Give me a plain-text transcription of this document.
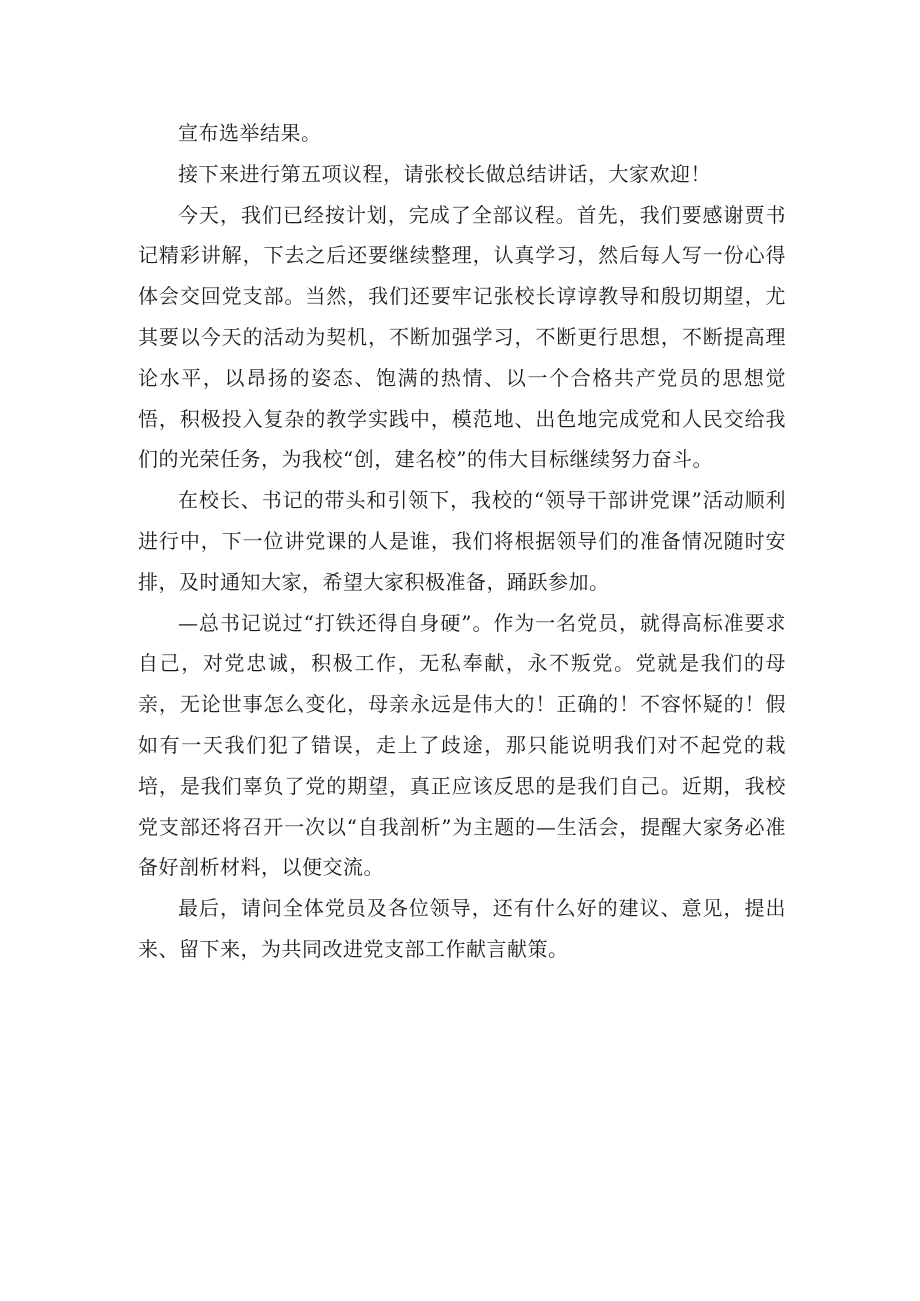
宣布选举结果。

接下来进行第五项议程，请张校长做总结讲话，大家欢迎！

今天，我们已经按计划，完成了全部议程。首先，我们要感谢贾书记精彩讲解，下去之后还要继续整理，认真学习，然后每人写一份心得体会交回党支部。当然，我们还要牢记张校长谆谆教导和殷切期望，尤其要以今天的活动为契机，不断加强学习，不断更行思想，不断提高理论水平，以昂扬的姿态、饱满的热情、以一个合格共产党员的思想觉悟，积极投入复杂的教学实践中，模范地、出色地完成党和人民交给我们的光荣任务，为我校“创，建名校”的伟大目标继续努力奋斗。

在校长、书记的带头和引领下，我校的“领导干部讲党课”活动顺利进行中，下一位讲党课的人是谁，我们将根据领导们的准备情况随时安排，及时通知大家，希望大家积极准备，踊跃参加。

—总书记说过“打铁还得自身硬”。作为一名党员，就得高标准要求自己，对党忠诚，积极工作，无私奉献，永不叛党。党就是我们的母亲，无论世事怎么变化，母亲永远是伟大的！正确的！不容怀疑的！假如有一天我们犯了错误，走上了歧途，那只能说明我们对不起党的栽培，是我们辜负了党的期望，真正应该反思的是我们自己。近期，我校党支部还将召开一次以“自我剖析”为主题的—生活会，提醒大家务必准备好剖析材料，以便交流。

最后，请问全体党员及各位领导，还有什么好的建议、意见，提出来、留下来，为共同改进党支部工作献言献策。
